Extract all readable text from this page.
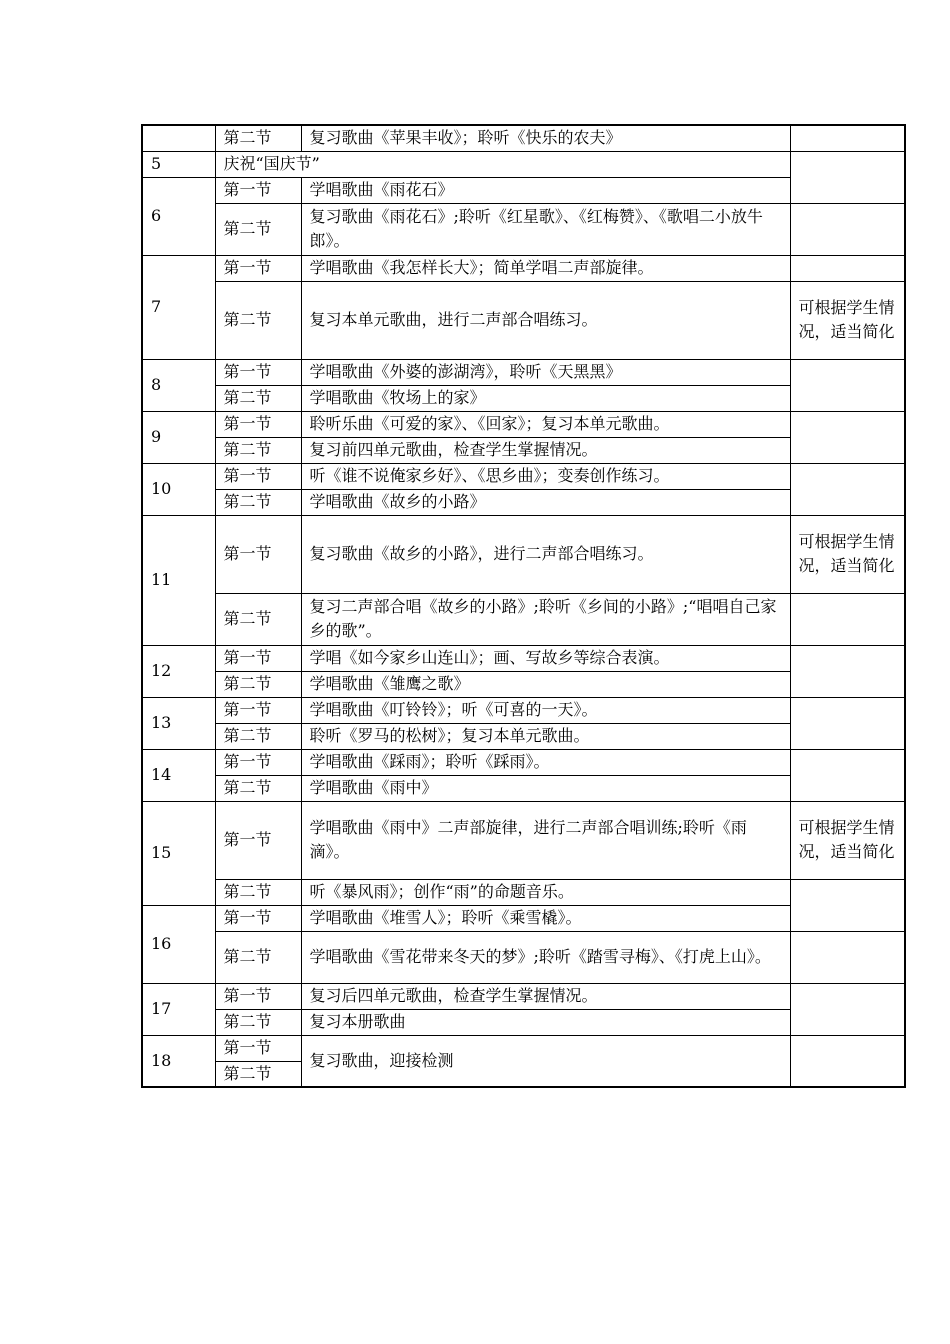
	第二节	复习歌曲《苹果丰收》；聆听《快乐的农夫》	
5	庆祝“国庆节”		
6	第一节	学唱歌曲《雨花石》	
	第二节	复习歌曲《雨花石》;聆听《红星歌》、《红梅赞》、《歌唱二小放牛郎》。	
7	第一节	学唱歌曲《我怎样长大》；简单学唱二声部旋律。	
	第二节	复习本单元歌曲，进行二声部合唱练习。	可根据学生情况，适当简化
8	第一节	学唱歌曲《外婆的澎湖湾》，聆听《天黑黑》	
	第二节	学唱歌曲《牧场上的家》	
9	第一节	聆听乐曲《可爱的家》、《回家》；复习本单元歌曲。	
	第二节	复习前四单元歌曲，检查学生掌握情况。	
10	第一节	听《谁不说俺家乡好》、《思乡曲》；变奏创作练习。	
	第二节	学唱歌曲《故乡的小路》	
11	第一节	复习歌曲《故乡的小路》，进行二声部合唱练习。	可根据学生情况，适当简化
	第二节	复习二声部合唱《故乡的小路》;聆听《乡间的小路》;“唱唱自己家乡的歌”。	
12	第一节	学唱《如今家乡山连山》；画、写故乡等综合表演。	
	第二节	学唱歌曲《雏鹰之歌》	
13	第一节	学唱歌曲《叮铃铃》；听《可喜的一天》。	
	第二节	聆听《罗马的松树》；复习本单元歌曲。	
14	第一节	学唱歌曲《踩雨》；聆听《踩雨》。	
	第二节	学唱歌曲《雨中》	
15	第一节	学唱歌曲《雨中》二声部旋律，进行二声部合唱训练;聆听《雨滴》。	可根据学生情况，适当简化
	第二节	听《暴风雨》；创作“雨”的命题音乐。	
16	第一节	学唱歌曲《堆雪人》；聆听《乘雪橇》。	
	第二节	学唱歌曲《雪花带来冬天的梦》;聆听《踏雪寻梅》、《打虎上山》。	
17	第一节	复习后四单元歌曲，检查学生掌握情况。	
	第二节	复习本册歌曲	
18	第一节	复习歌曲，迎接检测	
	第二节		
